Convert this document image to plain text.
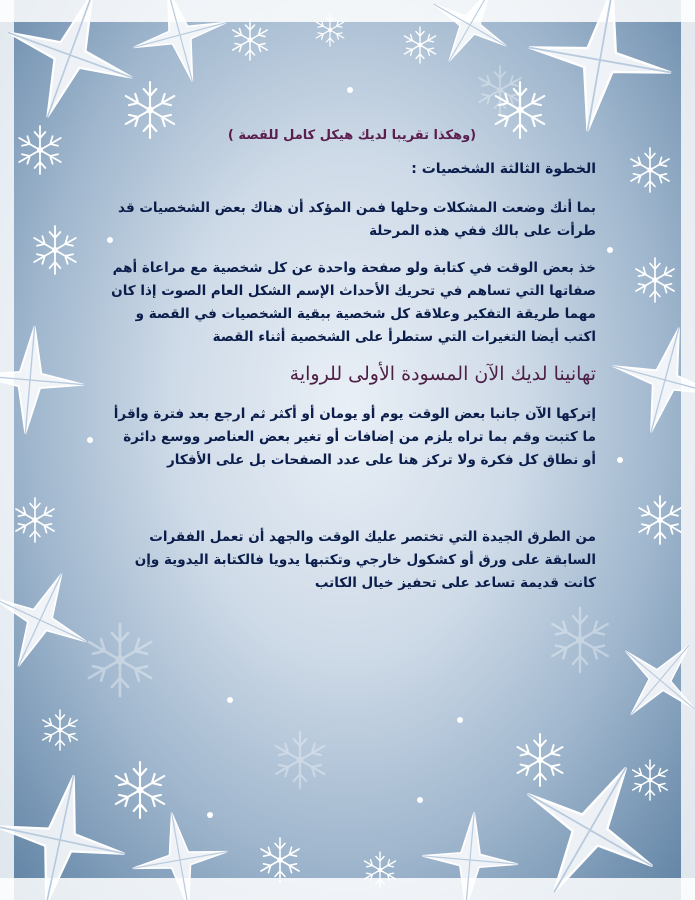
(وهكذا تقريبا لديك هيكل كامل للقصة )

الخطوة الثالثة الشخصيات :

بما أنك وضعت المشكلات وحلها فمن المؤكد أن هناك بعض الشخصيات قد طرأت على بالك ففي هذه المرحلة

خذ بعض الوقت في كتابة ولو صفحة واحدة عن كل شخصية مع مراعاة أهم صفاتها التي تساهم في تحريك الأحداث الإسم الشكل العام الصوت إذا كان مهما طريقة التفكير وعلاقة كل شخصية ببقية الشخصيات في القصة و اكتب أيضا التغيرات التي ستطرأ على الشخصية أثناء القصة

تهانينا لديك الآن المسودة الأولى للرواية

إتركها الآن جانبا بعض الوقت يوم أو يومان أو أكثر ثم ارجع بعد فترة واقرأ ما كتبت وقم بما تراه يلزم من إضافات أو تغير بعض العناصر ووسع دائرة أو نطاق كل فكرة ولا تركز هنا على عدد الصفحات بل على الأفكار

من الطرق الجيدة التي تختصر عليك الوقت والجهد أن تعمل الفقرات السابقة على ورق أو كشكول خارجي وتكتبها يدويا فالكتابة اليدوية وإن كانت قديمة تساعد على تحفيز خيال الكاتب
